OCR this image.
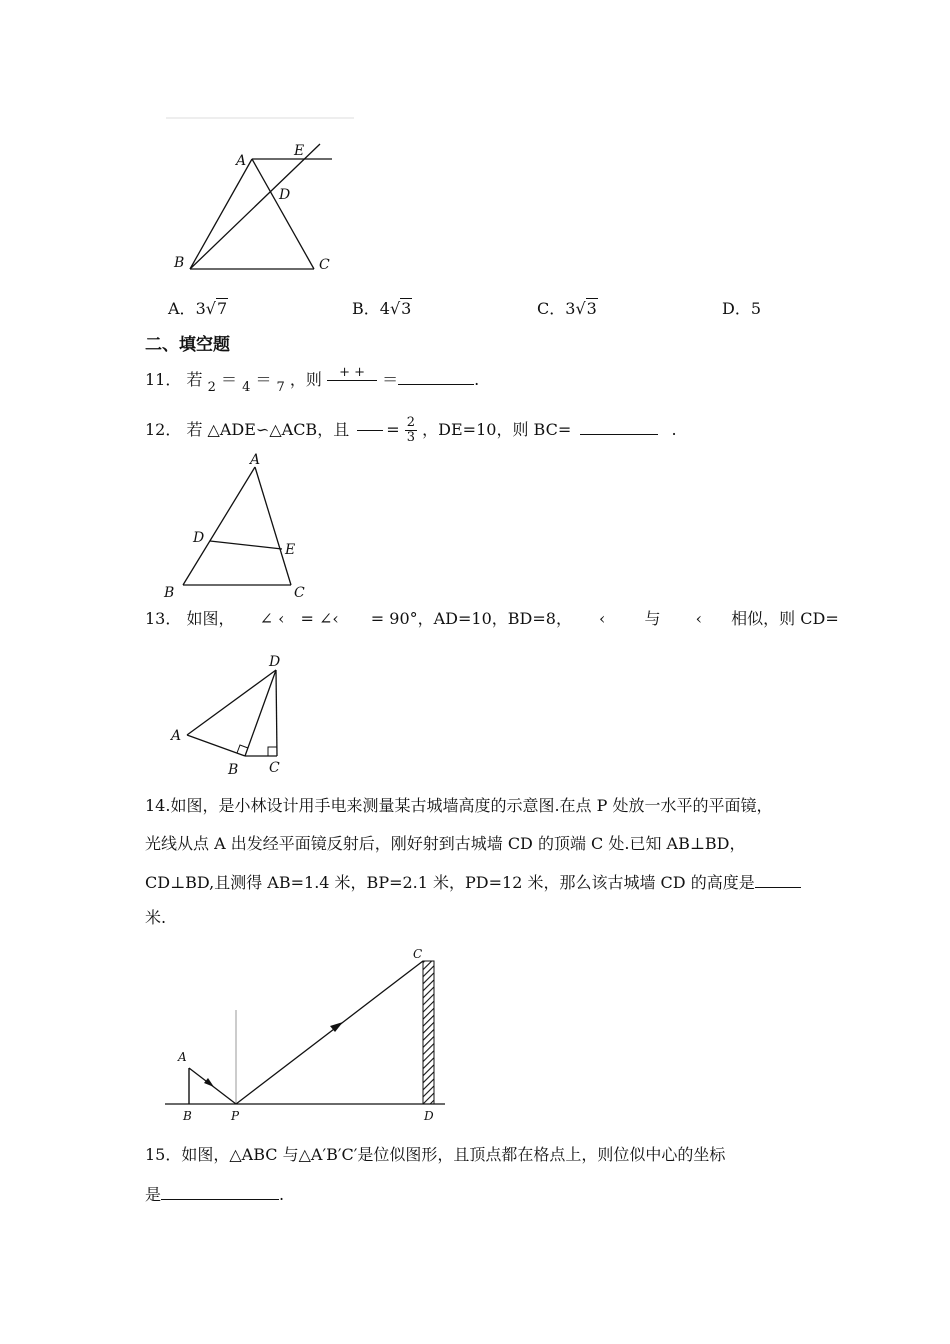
A
E
D
B	C
A．3√7	B．4√3	C．3√3	D．5
二、填空题
11． 若
2 ＝
4 ＝
7 ，则	+ +
	＝	.
12． 若 △ADE∽△ACB，且 = $\frac{2}{3}$ ，DE=10，则 BC=	.
A
D
E
B	C
13． 如图， ∠ ‹　= ∠‹　　= 90°，AD=10，BD=8， ‹ 与 ‹ 相似，则 CD=
D
A
B C
14.如图，是小林设计用手电来测量某古城墙高度的示意图.在点 P 处放一水平的平面镜，
光线从点 A 出发经平面镜反射后，刚好射到古城墙 CD 的顶端 C 处.已知 AB⊥BD，
CD⊥BD,且测得 AB=1.4 米，BP=2.1 米，PD=12 米，那么该古城墙 CD 的高度是
米.
A
B	P
C
D
15．如图，△ABC 与△A′B′C′是位似图形，且顶点都在格点上，则位似中心的坐标
是	.
